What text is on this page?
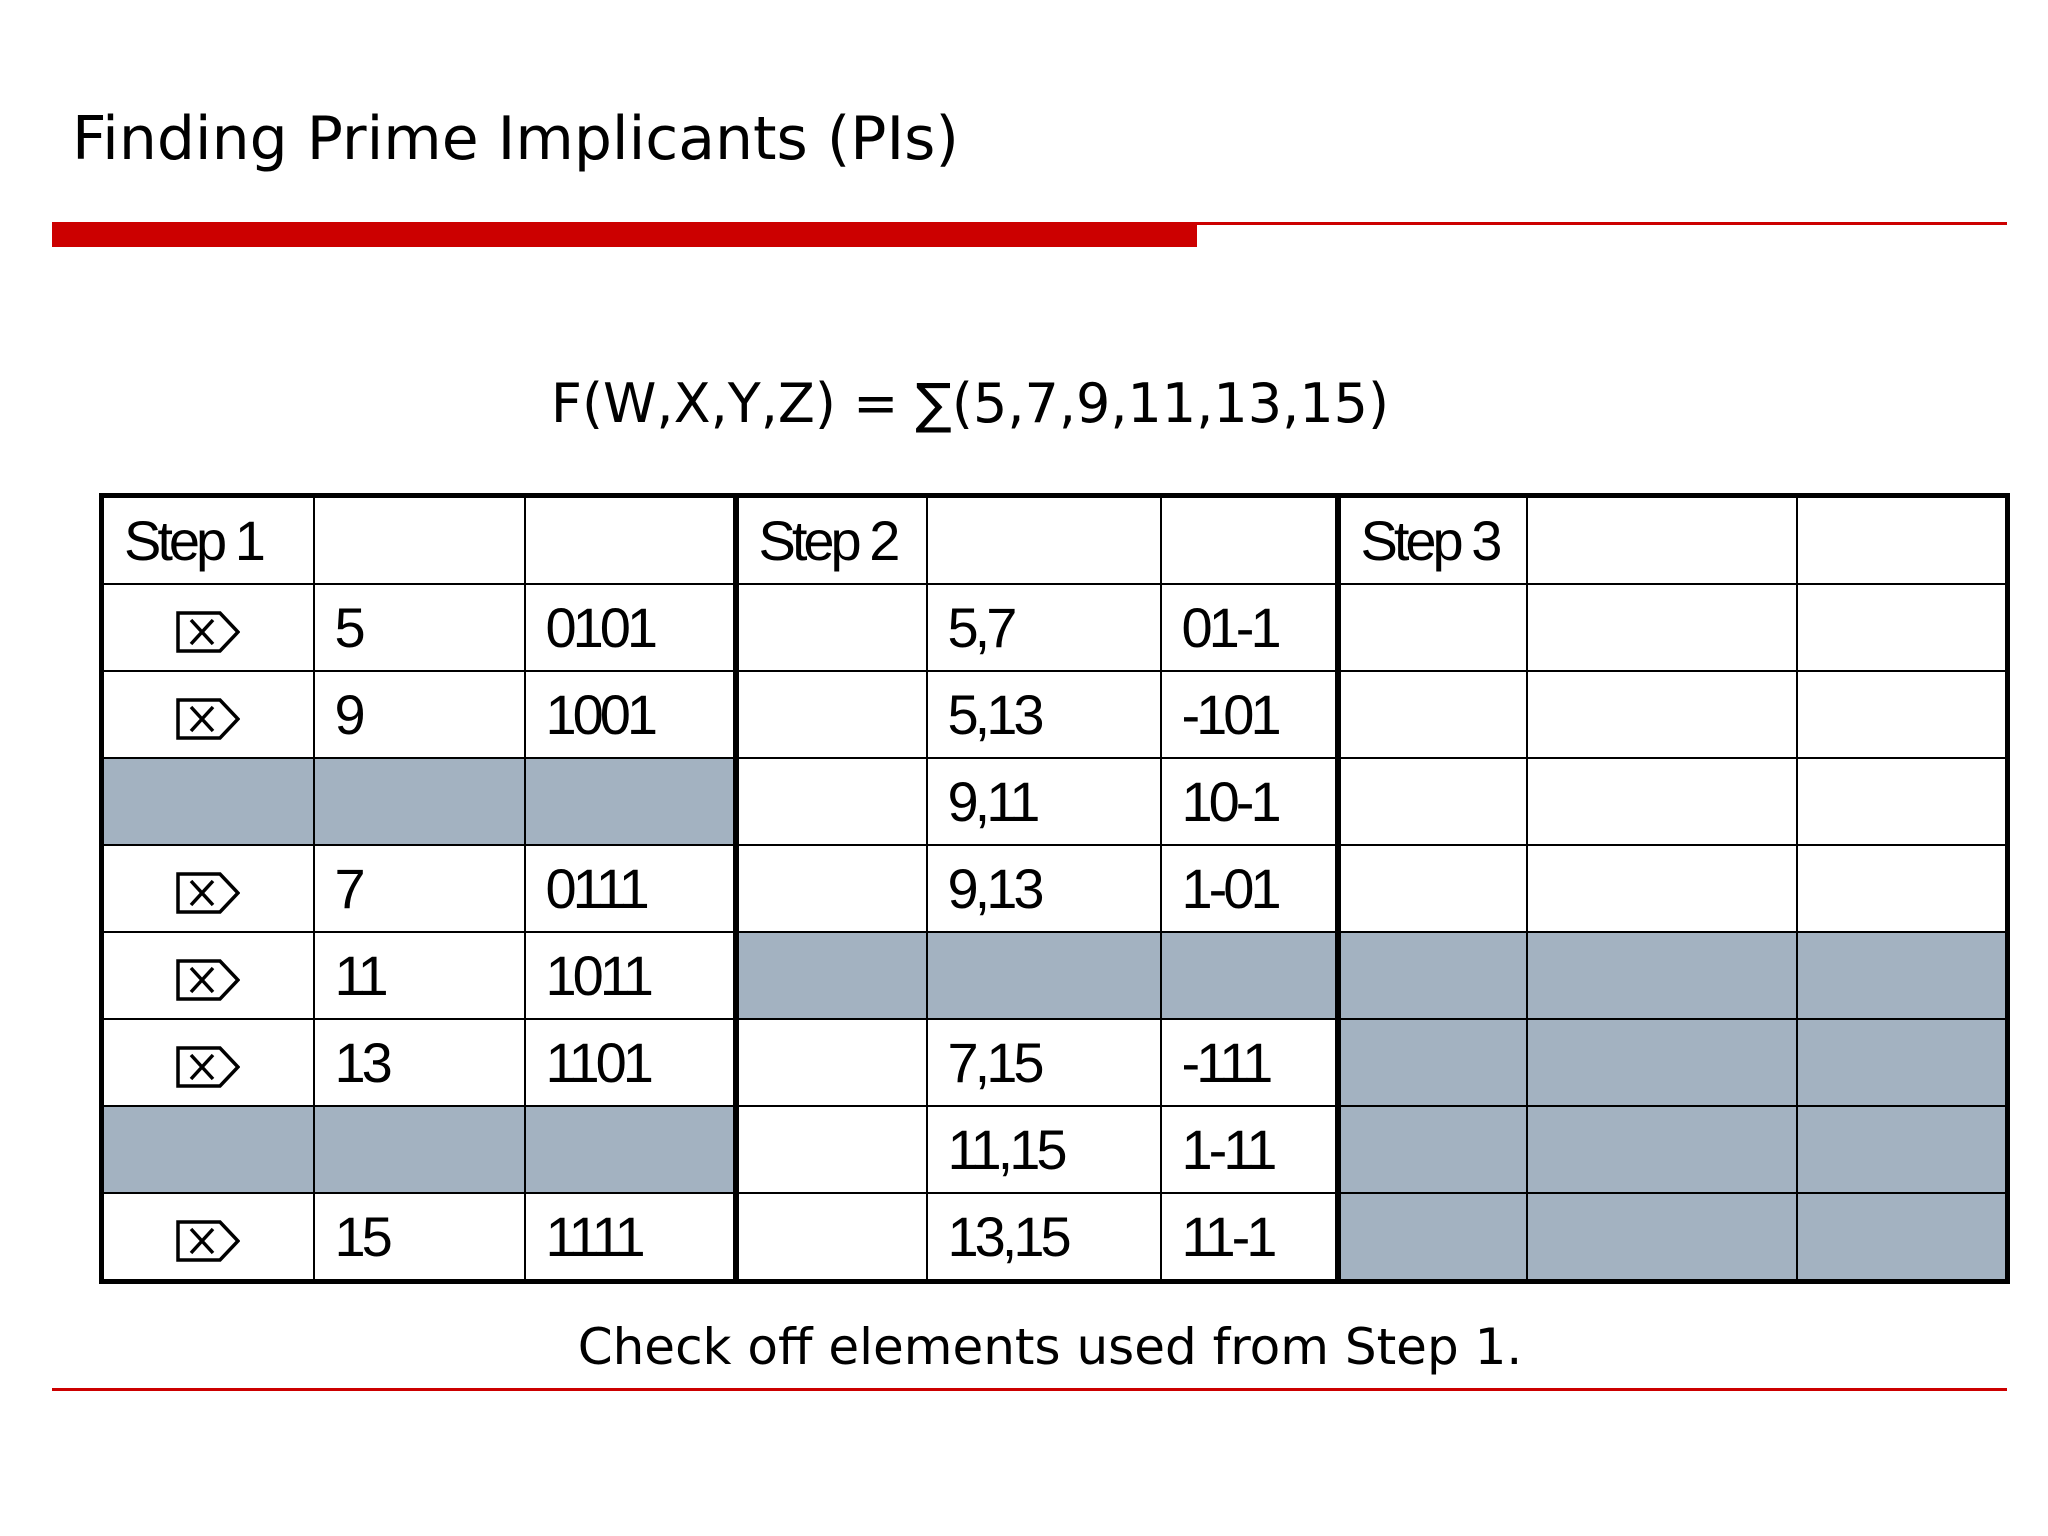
Finding Prime Implicants (PIs)
F(W,X,Y,Z) = ∑(5,7,9,11,13,15)
Step 1			Step 2			Step 3		
	5	0101		5,7	01-1			
	9	1001		5,13	-101			
				9,11	10-1			
	7	0111		9,13	1-01			
	11	1011						
	13	1101		7,15	-111			
				11,15	1-11			
	15	1111		13,15	11-1			
Check off elements used from Step 1.
